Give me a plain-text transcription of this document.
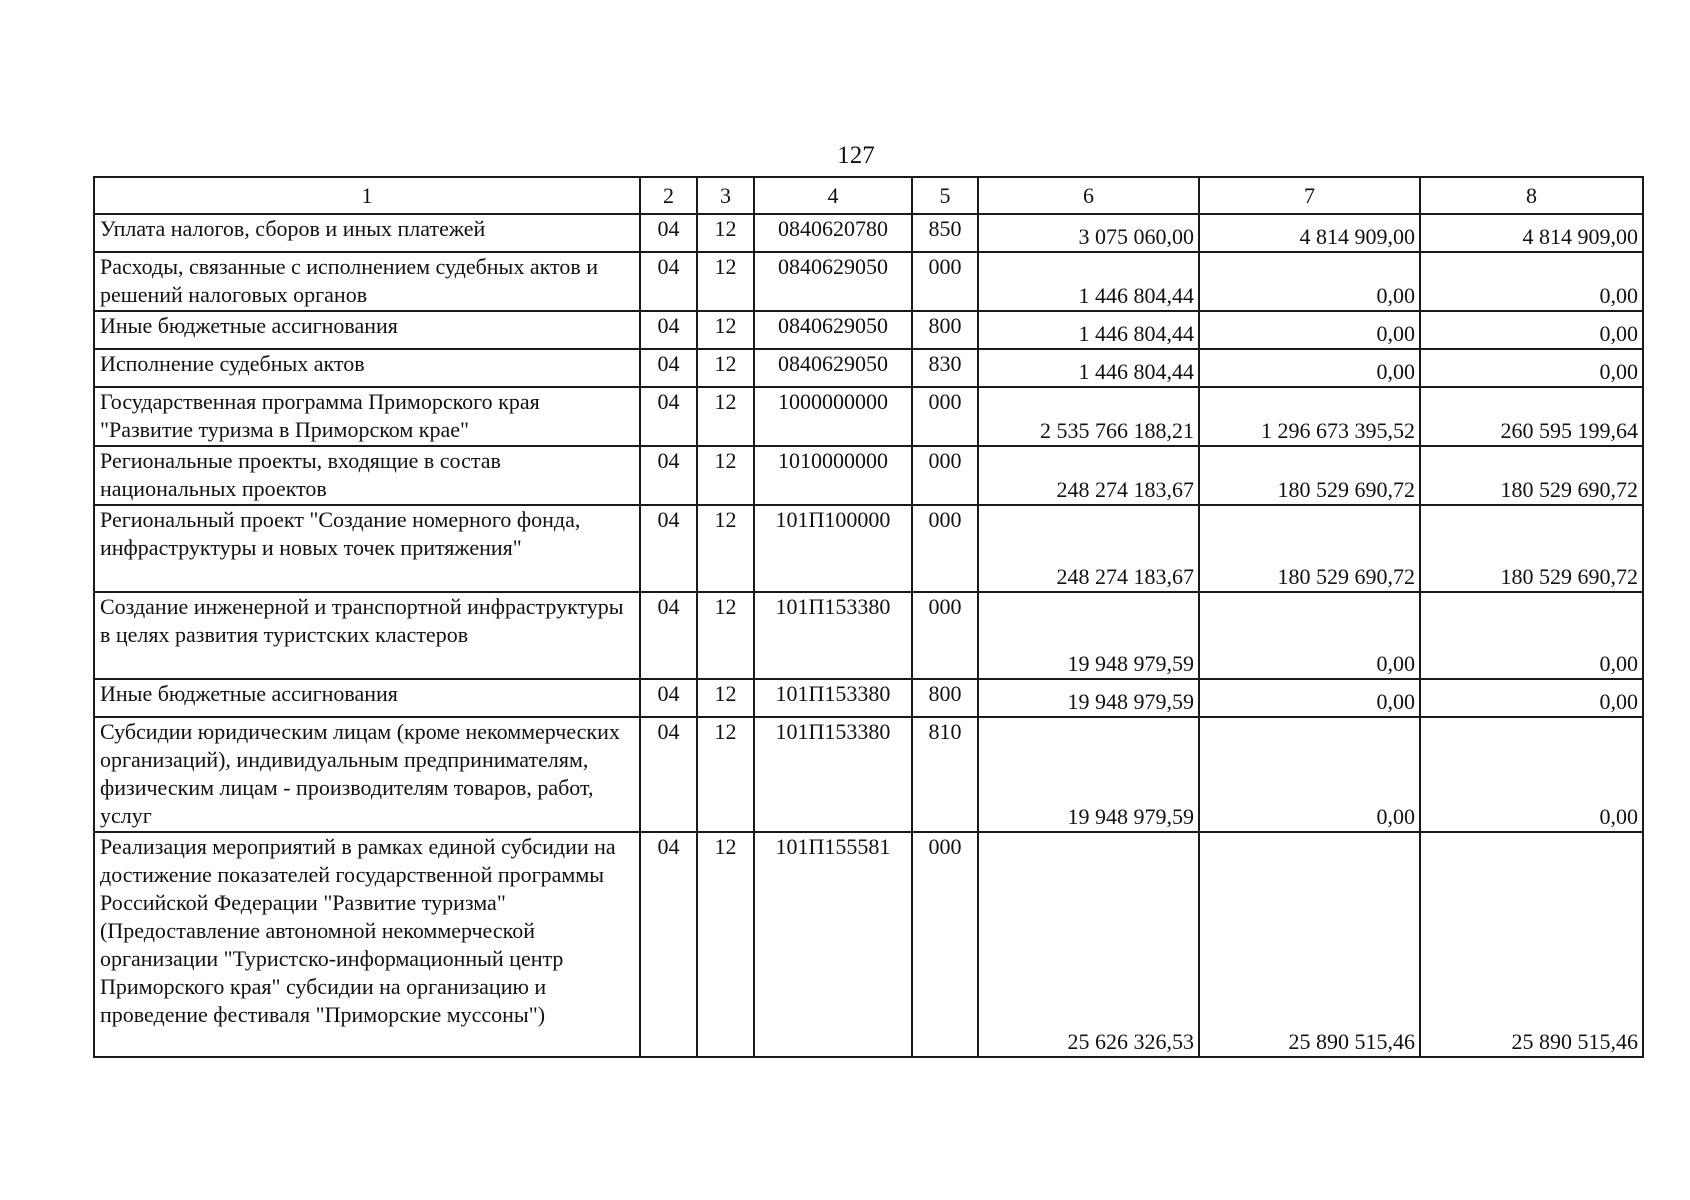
127
1	2	3	4	5	6	7	8
Уплата налогов, сборов и иных платежей	04	12	0840620780	850	3 075 060,00	4 814 909,00	4 814 909,00
Расходы, связанные с исполнением судебных актов и решений налоговых органов	04	12	0840629050	000	1 446 804,44	0,00	0,00
Иные бюджетные ассигнования	04	12	0840629050	800	1 446 804,44	0,00	0,00
Исполнение судебных актов	04	12	0840629050	830	1 446 804,44	0,00	0,00
Государственная программа Приморского края "Развитие туризма в Приморском крае"	04	12	1000000000	000	2 535 766 188,21	1 296 673 395,52	260 595 199,64
Региональные проекты, входящие в состав национальных проектов	04	12	1010000000	000	248 274 183,67	180 529 690,72	180 529 690,72
Региональный проект "Создание номерного фонда, инфраструктуры и новых точек притяжения"	04	12	101П100000	000	248 274 183,67	180 529 690,72	180 529 690,72
Создание инженерной и транспортной инфраструктуры в целях развития туристских кластеров	04	12	101П153380	000	19 948 979,59	0,00	0,00
Иные бюджетные ассигнования	04	12	101П153380	800	19 948 979,59	0,00	0,00
Субсидии юридическим лицам (кроме некоммерческих организаций), индивидуальным предпринимателям, физическим лицам - производителям товаров, работ, услуг	04	12	101П153380	810	19 948 979,59	0,00	0,00
Реализация мероприятий в рамках единой субсидии на достижение показателей государственной программы Российской Федерации "Развитие туризма" (Предоставление автономной некоммерческой организации "Туристско-информационный центр Приморского края" субсидии на организацию и проведение фестиваля "Приморские муссоны")	04	12	101П155581	000	25 626 326,53	25 890 515,46	25 890 515,46
